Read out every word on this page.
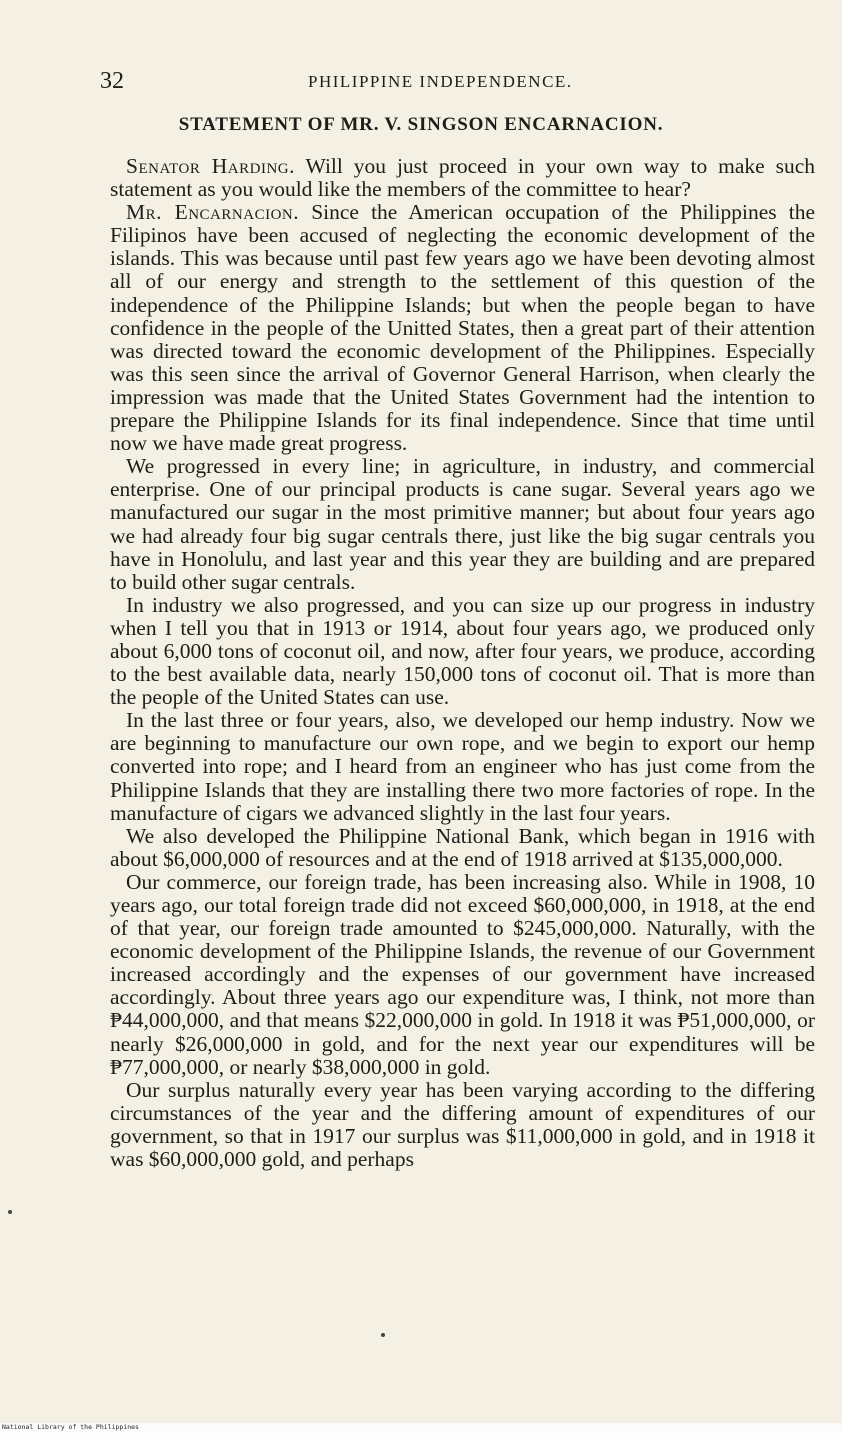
32	PHILIPPINE INDEPENDENCE.
STATEMENT OF MR. V. SINGSON ENCARNACION.

Senator Harding. Will you just proceed in your own way to make such statement as you would like the members of the committee to hear?

Mr. Encarnacion. Since the American occupation of the Philippines the Filipinos have been accused of neglecting the economic development of the islands. This was because until past few years ago we have been devoting almost all of our energy and strength to the settlement of this question of the independence of the Philippine Islands; but when the people began to have confidence in the people of the Unitted States, then a great part of their attention was directed toward the economic development of the Philippines. Especially was this seen since the arrival of Governor General Harrison, when clearly the impression was made that the United States Government had the intention to prepare the Philippine Islands for its final independence. Since that time until now we have made great progress.

We progressed in every line; in agriculture, in industry, and commercial enterprise. One of our principal products is cane sugar. Several years ago we manufactured our sugar in the most primitive manner; but about four years ago we had already four big sugar centrals there, just like the big sugar centrals you have in Honolulu, and last year and this year they are building and are prepared to build other sugar centrals.

In industry we also progressed, and you can size up our progress in industry when I tell you that in 1913 or 1914, about four years ago, we produced only about 6,000 tons of coconut oil, and now, after four years, we produce, according to the best available data, nearly 150,000 tons of coconut oil. That is more than the people of the United States can use.

In the last three or four years, also, we developed our hemp industry. Now we are beginning to manufacture our own rope, and we begin to export our hemp converted into rope; and I heard from an engineer who has just come from the Philippine Islands that they are installing there two more factories of rope. In the manufacture of cigars we advanced slightly in the last four years.

We also developed the Philippine National Bank, which began in 1916 with about $6,000,000 of resources and at the end of 1918 arrived at $135,000,000.

Our commerce, our foreign trade, has been increasing also. While in 1908, 10 years ago, our total foreign trade did not exceed $60,000,000, in 1918, at the end of that year, our foreign trade amounted to $245,000,000. Naturally, with the economic development of the Philippine Islands, the revenue of our Government increased accordingly and the expenses of our government have increased accordingly. About three years ago our expenditure was, I think, not more than ₱44,000,000, and that means $22,000,000 in gold. In 1918 it was ₱51,000,000, or nearly $26,000,000 in gold, and for the next year our expenditures will be ₱77,000,000, or nearly $38,000,000 in gold.

Our surplus naturally every year has been varying according to the differing circumstances of the year and the differing amount of expenditures of our government, so that in 1917 our surplus was $11,000,000 in gold, and in 1918 it was $60,000,000 gold, and perhaps

National Library of the Philippines
